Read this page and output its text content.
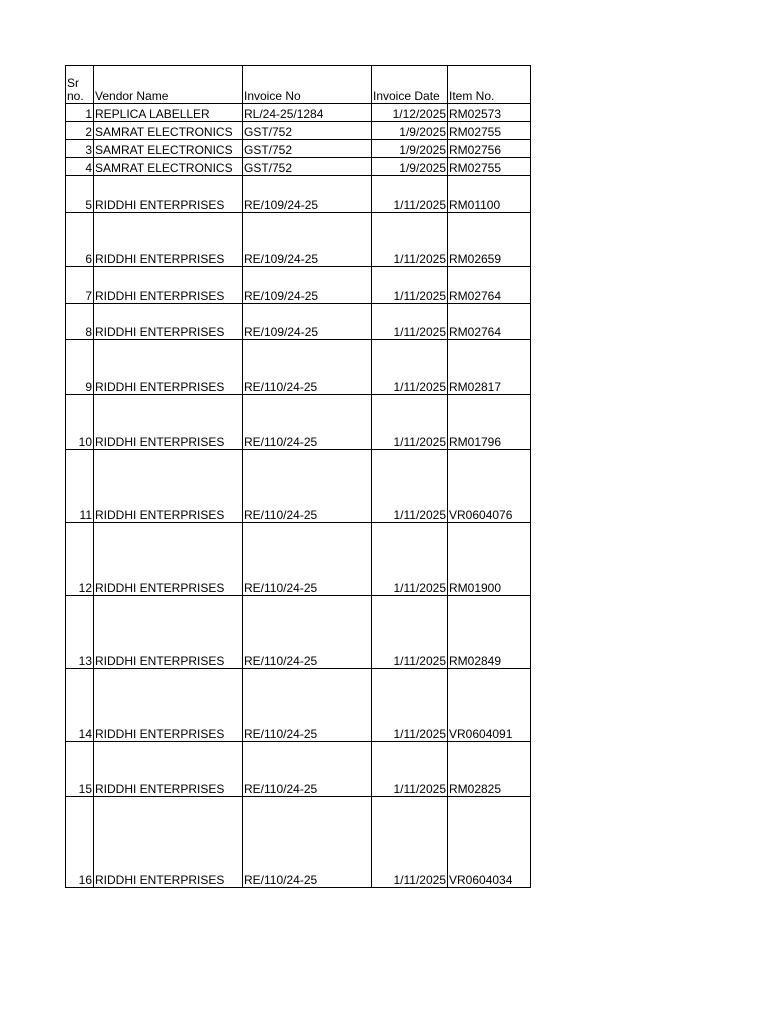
Sr no.	Vendor Name	Invoice No	Invoice Date	Item No.
1	REPLICA LABELLER	RL/24-25/1284	1/12/2025	RM02573
2	SAMRAT ELECTRONICS	GST/752	1/9/2025	RM02755
3	SAMRAT ELECTRONICS	GST/752	1/9/2025	RM02756
4	SAMRAT ELECTRONICS	GST/752	1/9/2025	RM02755
5	RIDDHI ENTERPRISES	RE/109/24-25	1/11/2025	RM01100
6	RIDDHI ENTERPRISES	RE/109/24-25	1/11/2025	RM02659
7	RIDDHI ENTERPRISES	RE/109/24-25	1/11/2025	RM02764
8	RIDDHI ENTERPRISES	RE/109/24-25	1/11/2025	RM02764
9	RIDDHI ENTERPRISES	RE/110/24-25	1/11/2025	RM02817
10	RIDDHI ENTERPRISES	RE/110/24-25	1/11/2025	RM01796
11	RIDDHI ENTERPRISES	RE/110/24-25	1/11/2025	VR0604076
12	RIDDHI ENTERPRISES	RE/110/24-25	1/11/2025	RM01900
13	RIDDHI ENTERPRISES	RE/110/24-25	1/11/2025	RM02849
14	RIDDHI ENTERPRISES	RE/110/24-25	1/11/2025	VR0604091
15	RIDDHI ENTERPRISES	RE/110/24-25	1/11/2025	RM02825
16	RIDDHI ENTERPRISES	RE/110/24-25	1/11/2025	VR0604034
